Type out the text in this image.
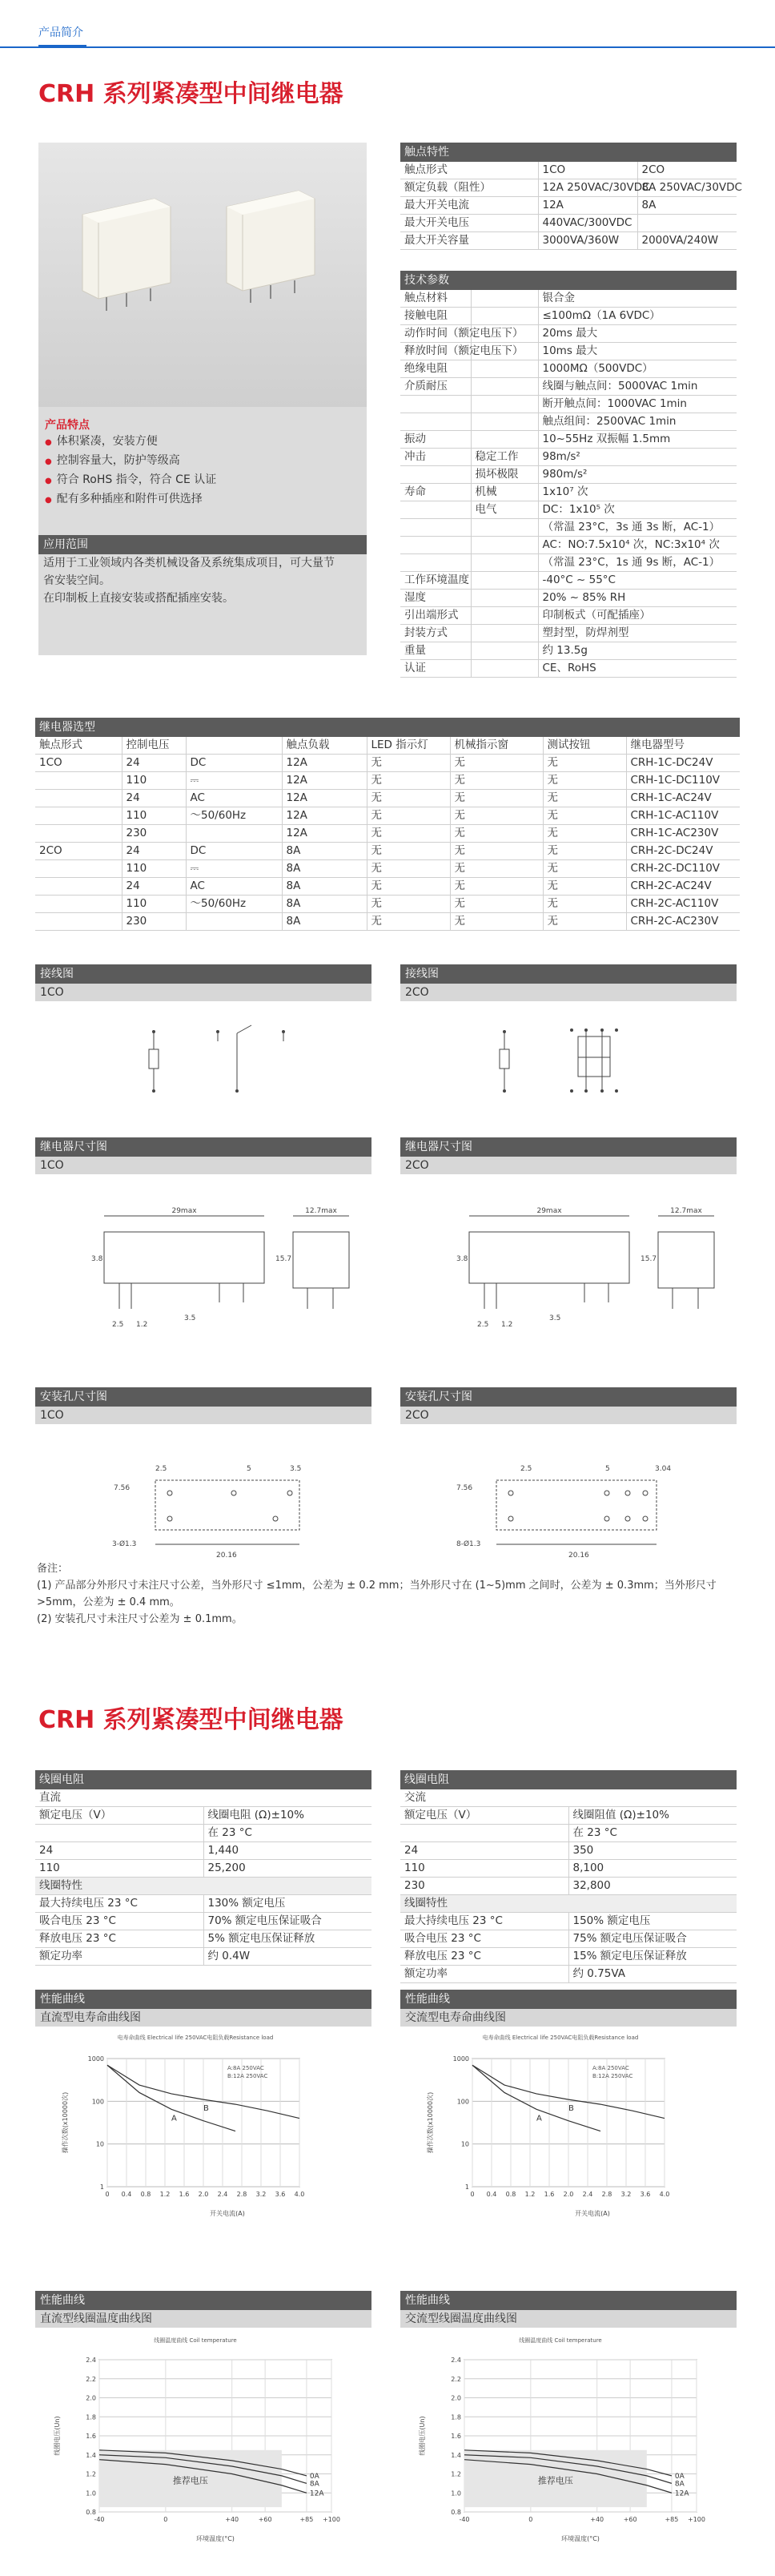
产品简介
CRH 系列紧凑型中间继电器
产品特点
● 体积紧凑，安装方便
● 控制容量大，防护等级高
● 符合 RoHS 指令，符合 CE 认证
● 配有多种插座和附件可供选择
应用范围
适用于工业领域内各类机械设备及系统集成项目，可大量节
省安装空间。
在印制板上直接安装或搭配插座安装。
触点特性		
触点形式	1CO	2CO
额定负载（阻性）	12A 250VAC/30VDC	8A 250VAC/30VDC
最大开关电流	12A	8A
最大开关电压	440VAC/300VDC	
最大开关容量	3000VA/360W	2000VA/240W
技术参数		
触点材料		银合金
接触电阻		≤100mΩ（1A 6VDC）
动作时间（额定电压下）		20ms 最大
释放时间（额定电压下）		10ms 最大
绝缘电阻		1000MΩ（500VDC）
介质耐压		线圈与触点间：5000VAC 1min
		断开触点间：1000VAC 1min
		触点组间：2500VAC 1min
振动		10~55Hz 双振幅 1.5mm
冲击	稳定工作	98m/s²
	损坏极限	980m/s²
寿命	机械	1x10⁷ 次
	电气	DC：1x10⁵ 次
		（常温 23°C，3s 通 3s 断，AC-1）
		AC：NO:7.5x10⁴ 次，NC:3x10⁴ 次
		（常温 23°C，1s 通 9s 断，AC-1）
工作环境温度		-40°C ~ 55°C
湿度		20% ~ 85% RH
引出端形式		印制板式（可配插座）
封装方式		塑封型，防焊剂型
重量		约 13.5g
认证		CE、RoHS
继电器选型							
触点形式	控制电压		触点负载	LED 指示灯	机械指示窗	测试按钮	继电器型号
1CO	24	DC	12A	无	无	无	CRH-1C-DC24V
	110	⎓	12A	无	无	无	CRH-1C-DC110V
	24	AC	12A	无	无	无	CRH-1C-AC24V
	110	～50/60Hz	12A	无	无	无	CRH-1C-AC110V
	230		12A	无	无	无	CRH-1C-AC230V
2CO	24	DC	8A	无	无	无	CRH-2C-DC24V
	110	⎓	8A	无	无	无	CRH-2C-DC110V
	24	AC	8A	无	无	无	CRH-2C-AC24V
	110	～50/60Hz	8A	无	无	无	CRH-2C-AC110V
	230		8A	无	无	无	CRH-2C-AC230V
接线图
1CO
接线图
2CO
继电器尺寸图
1CO
29max	12.7max
15.7
3.8
3.5
2.5 1.2
继电器尺寸图
2CO
29max	12.7max
15.7
3.8
3.5
2.5 1.2
安装孔尺寸图
1CO
2.5	5	3.5
7.56
20.16
3-Ø1.3
安装孔尺寸图
2CO
2.5	5	3.04
7.56
20.16
8-Ø1.3
备注：
(1) 产品部分外形尺寸未注尺寸公差，当外形尺寸 ≤1mm，公差为 ± 0.2 mm；当外形尺寸在 (1~5)mm 之间时，公差为 ± 0.3mm；当外形尺寸
>5mm，公差为 ± 0.4 mm。
(2) 安装孔尺寸未注尺寸公差为 ± 0.1mm。
CRH 系列紧凑型中间继电器
线圈电阻	
直流	
额定电压（V）	线圈电阻 (Ω)±10%
	在 23 °C
24	1,440
110	25,200
线圈特性	
最大持续电压 23 °C	130% 额定电压
吸合电压 23 °C	70% 额定电压保证吸合
释放电压 23 °C	5% 额定电压保证释放
额定功率	约 0.4W
线圈电阻	
交流	
额定电压（V）	线圈阻值 (Ω)±10%
	在 23 °C
24	350
110	8,100
230	32,800
线圈特性	
最大持续电压 23 °C	150% 额定电压
吸合电压 23 °C	75% 额定电压保证吸合
释放电压 23 °C	15% 额定电压保证释放
额定功率	约 0.75VA
性能曲线
直流型电寿命曲线图
1000
100
10
1
0 0.4 0.8 1.2 1.6 2.0 2.4 2.8 3.2 3.6 4.0
A
B
电寿命曲线 Electrical life 250VAC电阻负载Resistance load
A:8A 250VAC
B:12A 250VAC
开关电流(A)
操作次数(x10000次)
性能曲线
交流型电寿命曲线图
1000
100
10
1
0 0.4 0.8 1.2 1.6 2.0 2.4 2.8 3.2 3.6 4.0
A
B
电寿命曲线 Electrical life 250VAC电阻负载Resistance load
A:8A 250VAC
B:12A 250VAC
开关电流(A)
操作次数(x10000次)
性能曲线
直流型线圈温度曲线图
2.4
2.2
2.0
1.8
1.6
1.4
1.2
1.0
0.8
-40	0	+40	+60	+85 +100
0A
8A
12A
推荐电压
线圈温度曲线 Coil temperature
环境温度(°C)
线圈电压(Un)
性能曲线
交流型线圈温度曲线图
2.4
2.2
2.0
1.8
1.6
1.4
1.2
1.0
0.8
-40	0	+40	+60	+85 +100
0A
8A
12A
推荐电压
线圈温度曲线 Coil temperature
环境温度(°C)
线圈电压(Un)
